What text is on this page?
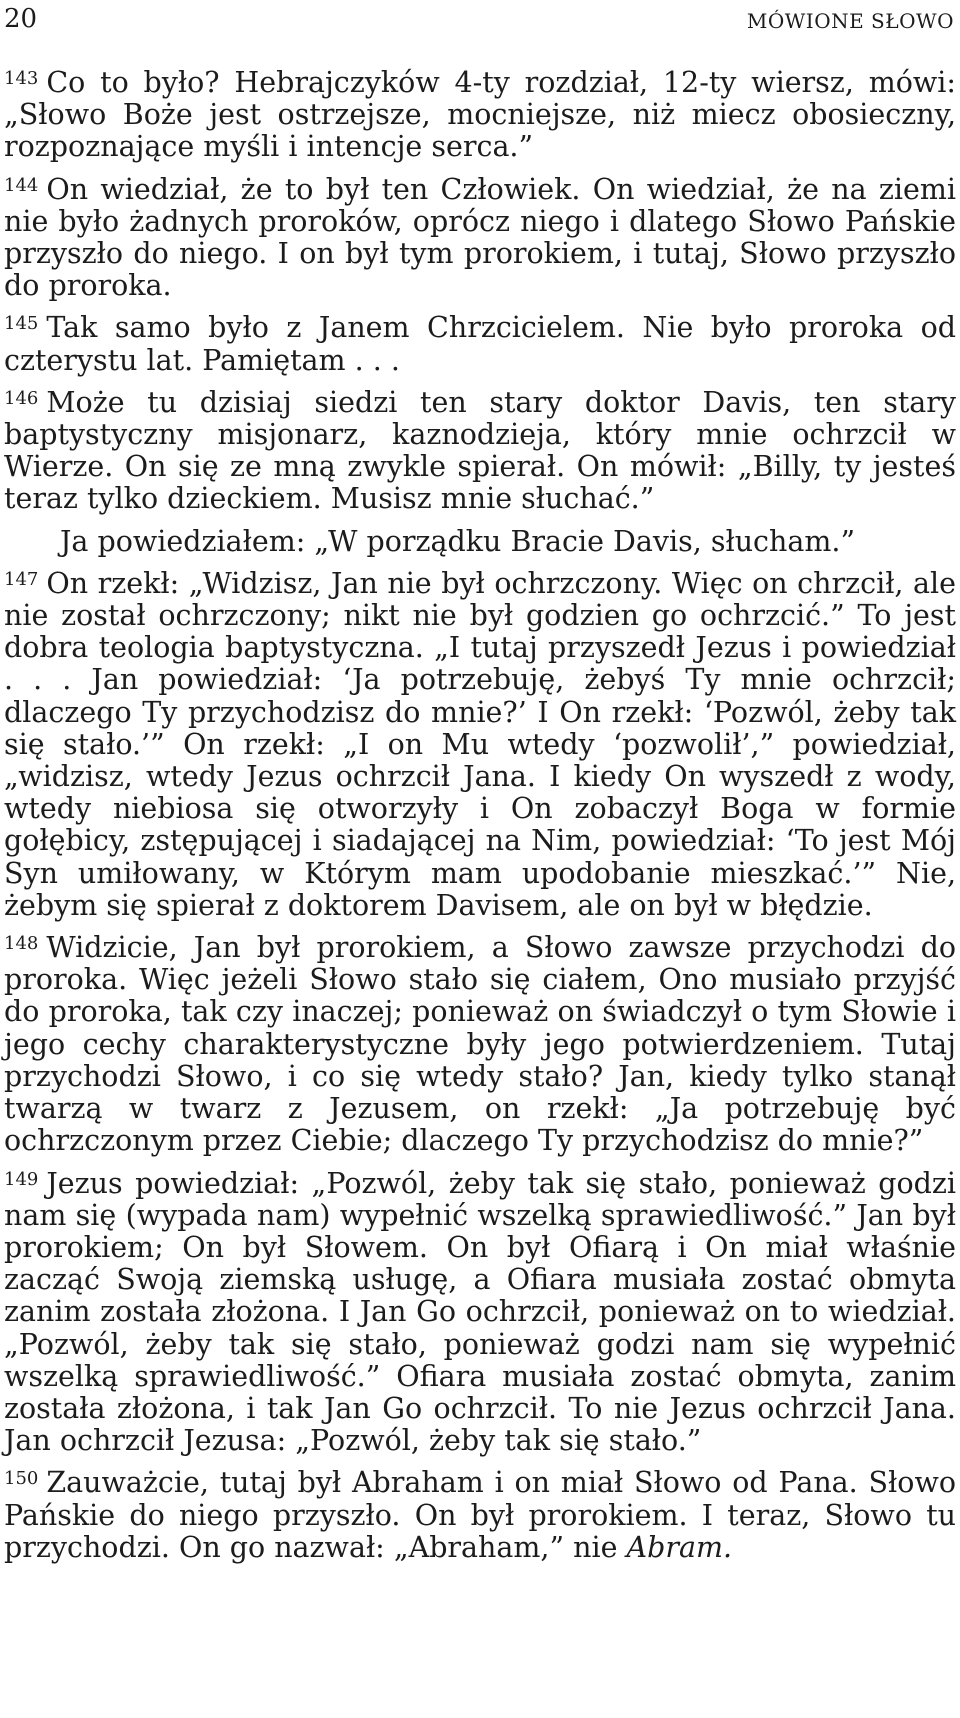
20	MÓWIONE SŁOWO

$^{143}$ Co to było? Hebrajczyków 4-ty rozdział, 12-ty wiersz, mówi: „Słowo Boże jest ostrzejsze, mocniejsze, niż miecz obosieczny, rozpoznające myśli i intencje serca.”

$^{144}$ On wiedział, że to był ten Człowiek. On wiedział, że na ziemi nie było żadnych proroków, oprócz niego i dlatego Słowo Pańskie przyszło do niego. I on był tym prorokiem, i tutaj, Słowo przyszło do proroka.

$^{145}$ Tak samo było z Janem Chrzcicielem. Nie było proroka od czterystu lat. Pamiętam . . .

$^{146}$ Może tu dzisiaj siedzi ten stary doktor Davis, ten stary baptystyczny misjonarz, kaznodzieja, który mnie ochrzcił w Wierze. On się ze mną zwykle spierał. On mówił: „Billy, ty jesteś teraz tylko dzieckiem. Musisz mnie słuchać.”

Ja powiedziałem: „W porządku Bracie Davis, słucham.”

$^{147}$ On rzekł: „Widzisz, Jan nie był ochrzczony. Więc on chrzcił, ale nie został ochrzczony; nikt nie był godzien go ochrzcić.” To jest dobra teologia baptystyczna. „I tutaj przyszedł Jezus i powiedział . . . Jan powiedział: ‘Ja potrzebuję, żebyś Ty mnie ochrzcił; dlaczego Ty przychodzisz do mnie?’ I On rzekł: ‘Pozwól, żeby tak się stało.’” On rzekł: „I on Mu wtedy ‘pozwolił’,” powiedział, „widzisz, wtedy Jezus ochrzcił Jana. I kiedy On wyszedł z wody, wtedy niebiosa się otworzyły i On zobaczył Boga w formie gołębicy, zstępującej i siadającej na Nim, powiedział: ‘To jest Mój Syn umiłowany, w Którym mam upodobanie mieszkać.’” Nie, żebym się spierał z doktorem Davisem, ale on był w błędzie.

$^{148}$ Widzicie, Jan był prorokiem, a Słowo zawsze przychodzi do proroka. Więc jeżeli Słowo stało się ciałem, Ono musiało przyjść do proroka, tak czy inaczej; ponieważ on świadczył o tym Słowie i jego cechy charakterystyczne były jego potwierdzeniem. Tutaj przychodzi Słowo, i co się wtedy stało? Jan, kiedy tylko stanął twarzą w twarz z Jezusem, on rzekł: „Ja potrzebuję być ochrzczonym przez Ciebie; dlaczego Ty przychodzisz do mnie?”

$^{149}$ Jezus powiedział: „Pozwól, żeby tak się stało, ponieważ godzi nam się (wypada nam) wypełnić wszelką sprawiedliwość.” Jan był prorokiem; On był Słowem. On był Ofiarą i On miał właśnie zacząć Swoją ziemską usługę, a Ofiara musiała zostać obmyta zanim została złożona. I Jan Go ochrzcił, ponieważ on to wiedział. „Pozwól, żeby tak się stało, ponieważ godzi nam się wypełnić wszelką sprawiedliwość.” Ofiara musiała zostać obmyta, zanim została złożona, i tak Jan Go ochrzcił. To nie Jezus ochrzcił Jana. Jan ochrzcił Jezusa: „Pozwól, żeby tak się stało.”

$^{150}$ Zauważcie, tutaj był Abraham i on miał Słowo od Pana. Słowo Pańskie do niego przyszło. On był prorokiem. I teraz, Słowo tu przychodzi. On go nazwał: „Abraham,” nie Abram.
